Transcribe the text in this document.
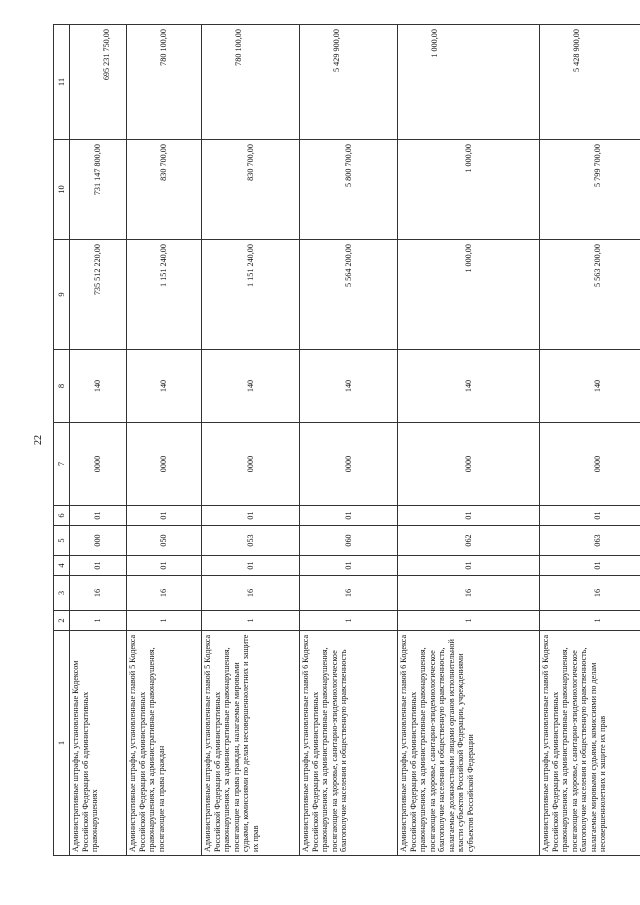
22
1	2	3	4	5	6	7	8	9	10	11
Административные штрафы, установленные Кодексом Российской Федерации об административных правонарушениях	1	16	01	000	01	0000	140	735 512 220,00	731 147 800,00	695 231 750,00
Административные штрафы, установленные главой 5 Кодекса Российской Федерации об административных правонарушениях, за административные правонарушения, посягающие на права граждан	1	16	01	050	01	0000	140	1 151 240,00	830 700,00	780 100,00
Административные штрафы, установленные главой 5 Кодекса Российской Федерации об административных правонарушениях, за административные правонарушения, посягающие на права граждан, налагаемые мировыми судьями, комиссиями по делам несовершеннолетних и защите их прав	1	16	01	053	01	0000	140	1 151 240,00	830 700,00	780 100,00
Административные штрафы, установленные главой 6 Кодекса Российской Федерации об административных правонарушениях, за административные правонарушения, посягающие на здоровье, санитарно-эпидемиологическое благополучие населения и общественную нравственность	1	16	01	060	01	0000	140	5 564 200,00	5 800 700,00	5 429 900,00
Административные штрафы, установленные главой 6 Кодекса Российской Федерации об административных правонарушениях, за административные правонарушения, посягающие на здоровье, санитарно-эпидемиологическое благополучие населения и общественную нравственность, налагаемые должностными лицами органов исполнительной власти субъектов Российской Федерации, учреждениями субъектов Российской Федерации	1	16	01	062	01	0000	140	1 000,00	1 000,00	1 000,00
Административные штрафы, установленные главой 6 Кодекса Российской Федерации об административных правонарушениях, за административные правонарушения, посягающие на здоровье, санитарно-эпидемиологическое благополучие населения и общественную нравственность, налагаемые мировыми судьями, комиссиями по делам несовершеннолетних и защите их прав	1	16	01	063	01	0000	140	5 563 200,00	5 799 700,00	5 428 900,00
